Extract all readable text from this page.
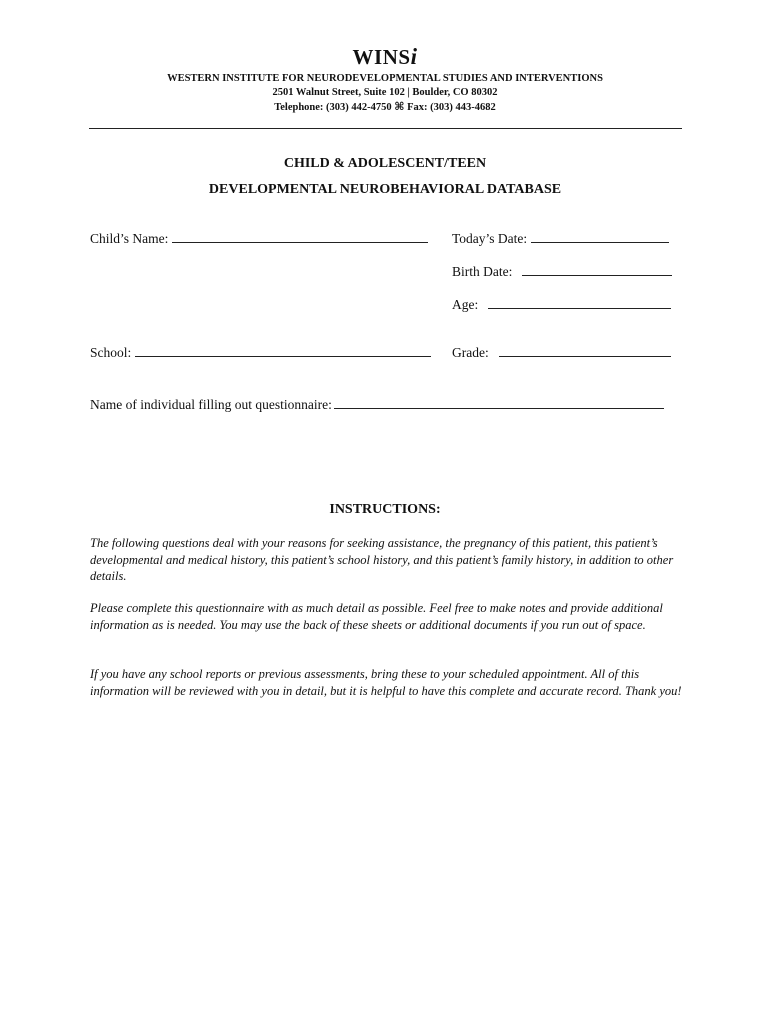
WINSi
WESTERN INSTITUTE FOR NEURODEVELOPMENTAL STUDIES AND INTERVENTIONS
2501 Walnut Street, Suite 102 | Boulder, CO 80302
Telephone: (303) 442-4750 ⌘ Fax: (303) 443-4682
CHILD & ADOLESCENT/TEEN
DEVELOPMENTAL NEUROBEHAVIORAL DATABASE
Child’s Name:	Today’s Date:
Birth Date:
Age:
School:	Grade:
Name of individual filling out questionnaire:
INSTRUCTIONS:
The following questions deal with your reasons for seeking assistance, the pregnancy of this patient, this patient’s developmental and medical history, this patient’s school history, and this patient’s family history, in addition to other details.
Please complete this questionnaire with as much detail as possible. Feel free to make notes and provide additional information as is needed. You may use the back of these sheets or additional documents if you run out of space.
If you have any school reports or previous assessments, bring these to your scheduled appointment. All of this information will be reviewed with you in detail, but it is helpful to have this complete and accurate record. Thank you!
